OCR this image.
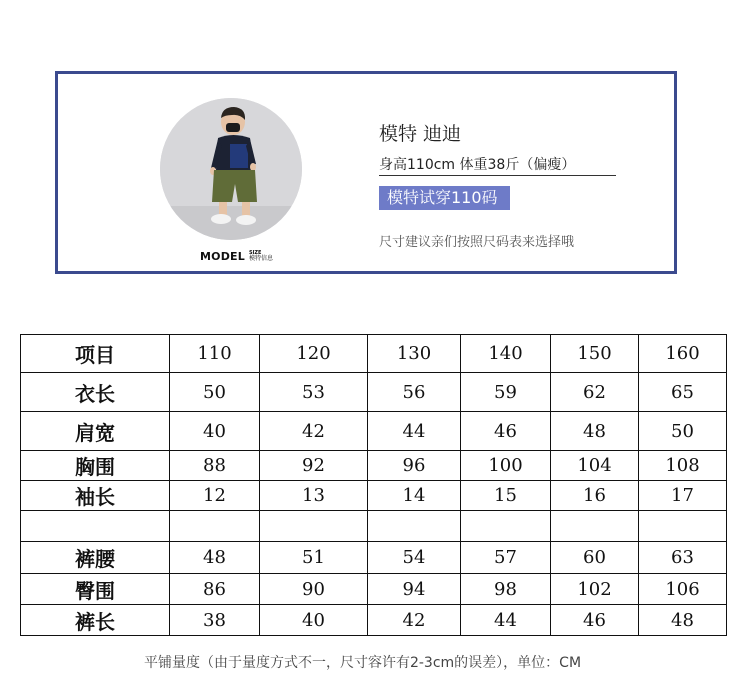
MODEL SIZE
模特信息
模特 迪迪
身高110cm 体重38斤（偏瘦）
模特试穿110码
尺寸建议亲们按照尺码表来选择哦
项目	110	120	130	140	150	160
衣长	50	53	56	59	62	65
肩宽	40	42	44	46	48	50
胸围	88	92	96	100	104	108
袖长	12	13	14	15	16	17

裤腰	48	51	54	57	60	63
臀围	86	90	94	98	102	106
裤长	38	40	42	44	46	48
平铺量度（由于量度方式不一，尺寸容许有2-3cm的误差），单位：CM
